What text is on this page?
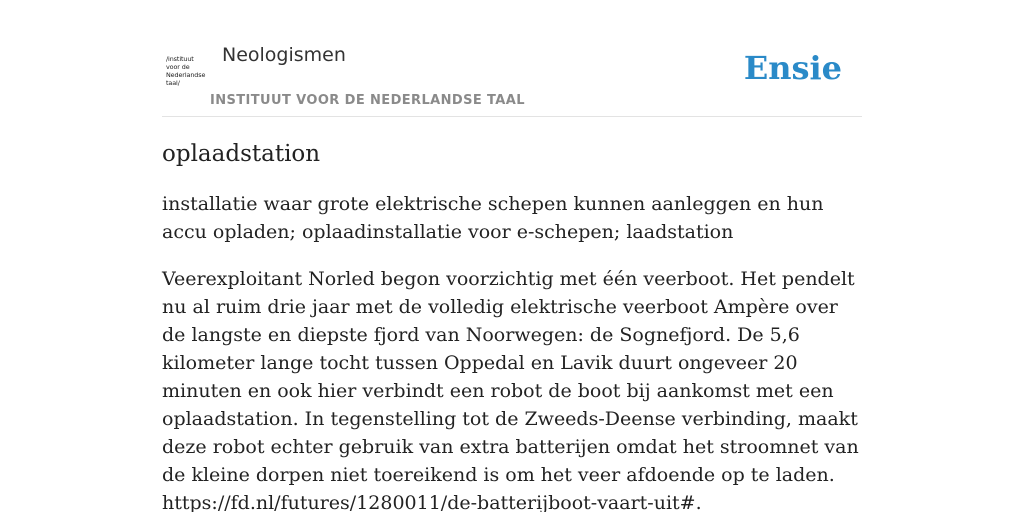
/instituut
voor de
Nederlandse
taal/
Neologismen
INSTITUUT VOOR DE NEDERLANDSE TAAL
Ensie
oplaadstation

installatie waar grote elektrische schepen kunnen aanleggen en hun accu opladen; oplaadinstallatie voor e-schepen; laadstation

Veerexploitant Norled begon voorzichtig met één veerboot. Het pendelt nu al ruim drie jaar met de volledig elektrische veerboot Ampère over de langste en diepste fjord van Noorwegen: de Sognefjord. De 5,6 kilometer lange tocht tussen Oppedal en Lavik duurt ongeveer 20 minuten en ook hier verbindt een robot de boot bij aankomst met een oplaadstation. In tegenstelling tot de Zweeds-Deense verbinding, maakt deze robot echter gebruik van extra batterijen omdat het stroomnet van de kleine dorpen niet toereikend is om het veer afdoende op te laden.
https://fd.nl/futures/1280011/de-batterijboot-vaart-uit#.
